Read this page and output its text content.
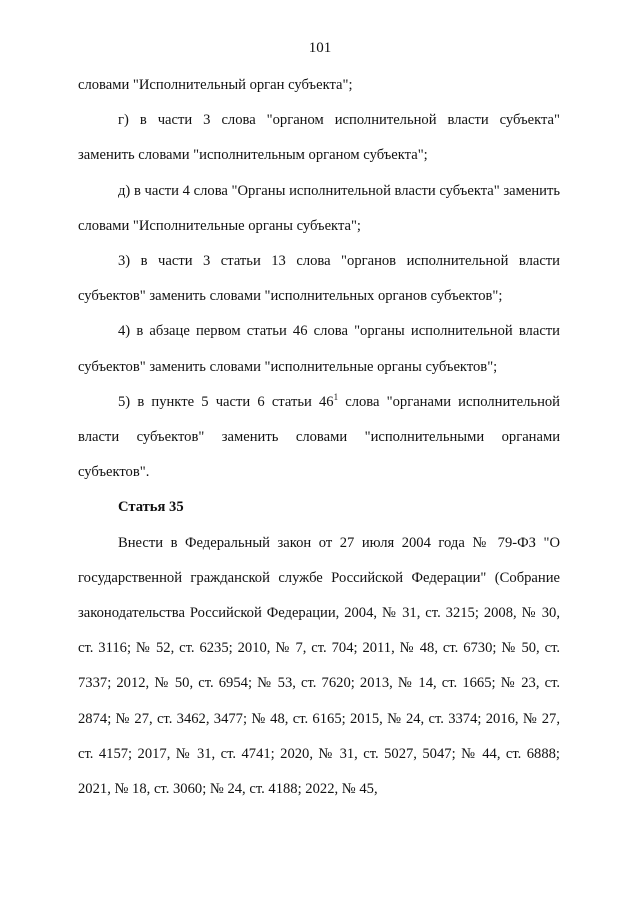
101

словами "Исполнительный орган субъекта";

г) в части 3 слова "органом исполнительной власти субъекта" заменить словами "исполнительным органом субъекта";

д) в части 4 слова "Органы исполнительной власти субъекта" заменить словами "Исполнительные органы субъекта";

3) в части 3 статьи 13 слова "органов исполнительной власти субъектов" заменить словами "исполнительных органов субъектов";

4) в абзаце первом статьи 46 слова "органы исполнительной власти субъектов" заменить словами "исполнительные органы субъектов";

5) в пункте 5 части 6 статьи $46^1$ слова "органами исполнительной власти субъектов" заменить словами "исполнительными органами субъектов".

Статья 35

Внести в Федеральный закон от 27 июля 2004 года № 79-ФЗ "О государственной гражданской службе Российской Федерации" (Собрание законодательства Российской Федерации, 2004, № 31, ст. 3215; 2008, № 30, ст. 3116; № 52, ст. 6235; 2010, № 7, ст. 704; 2011, № 48, ст. 6730; № 50, ст. 7337; 2012, № 50, ст. 6954; № 53, ст. 7620; 2013, № 14, ст. 1665; № 23, ст. 2874; № 27, ст. 3462, 3477; № 48, ст. 6165; 2015, № 24, ст. 3374; 2016, № 27, ст. 4157; 2017, № 31, ст. 4741; 2020, № 31, ст. 5027, 5047; № 44, ст. 6888; 2021, № 18, ст. 3060; № 24, ст. 4188; 2022, № 45,
